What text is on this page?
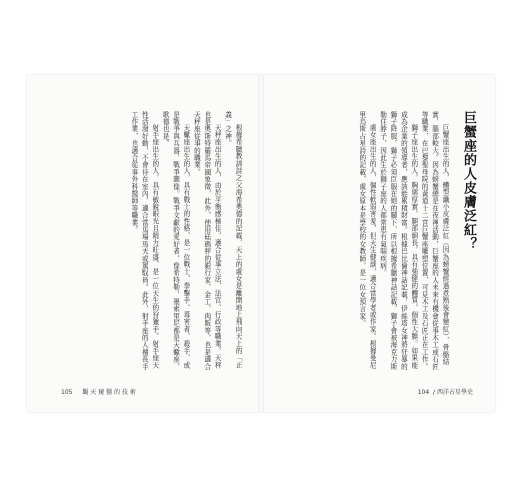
根據希臘教訓詩之父海希奧德的記載，天上的處女是離開地上飛向天上的「正義」之神。

天秤座出生的人，由於平衡感極佳，適合從事立法、法官、行政等職業。天秤也是奧斯特羅馬帝國象徵，此外，使用砝碼秤的銀行家、金工、肉販等，也是適合天秤座從事的職業。

天蠍座出生的人，具有戰士的性格，是一位戰士、拳擊手、毒害者、殺手、或是戰爭與兵器，戰爭圖像。戰爭文獻的愛好者，像希特勒、墨索里尼都是天蠍座，歌德也是。

射手座出生的人，具有敏銳眼光且精力旺盛，是一位天生的狩獵手。射手座天性活潑好動，不會待在室內，適合當馬場馬夫或駕馭員。此外，射手座的人擅長手工作業，也適合從事外科醫師等職業。

105 觀 天 窺 醫 的 技 術
巨蟹座的人皮膚泛紅？

巨蟹座出生的人，體型纖小皮膚泛紅（因為螃蟹經過煮熟後會變紅），骨骼結實，腦部較大。因為螃蟹總是在夜裡活動，巨蟹座的人未來有機會從事木工或石匠等職業，在巴黎聖母院的黃道十二宮巨蟹座雕塑位置，可見木工及石匠正在工作。

獅子座出生的人，胸廓厚實，腿部細長，具有強健的體質，個性大膽。如果能成為企業的領導者，應該能累積財富。根據巴比倫神話記載，伊絲塔女神將狂暴的獅子降服，獅子必須臣服在她的腳下，所以根據希臘神話記載，獅子會被海克力斯勒住脖子，因此生於獅子座的人都常患有氣喘疾病。

處女座出生的人，個性軟弱害羞，但天生健談，適合當學者或作家。根據曼尼里烏斯占星詩的記載，處女原本是學校的女教師，是一位女預言家。

104 / 西洋占星學史
